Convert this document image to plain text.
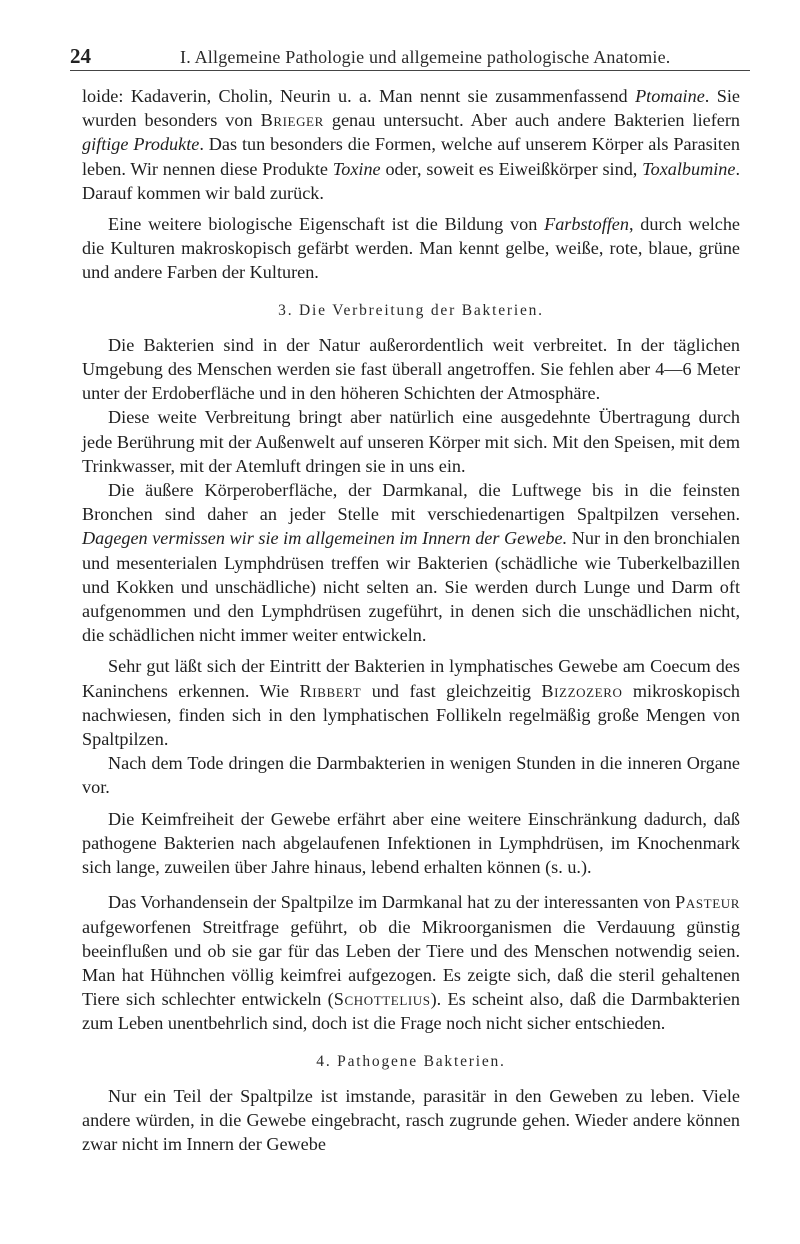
24	I. Allgemeine Pathologie und allgemeine pathologische Anatomie.

loide: Kadaverin, Cholin, Neurin u. a. Man nennt sie zusammenfassend Ptomaine. Sie wurden besonders von Brieger genau untersucht. Aber auch andere Bakterien liefern giftige Produkte. Das tun besonders die Formen, welche auf unserem Körper als Parasiten leben. Wir nennen diese Produkte Toxine oder, soweit es Eiweißkörper sind, Toxalbumine. Darauf kommen wir bald zurück.

Eine weitere biologische Eigenschaft ist die Bildung von Farbstoffen, durch welche die Kulturen makroskopisch gefärbt werden. Man kennt gelbe, weiße, rote, blaue, grüne und andere Farben der Kulturen.

3. Die Verbreitung der Bakterien.

Die Bakterien sind in der Natur außerordentlich weit verbreitet. In der täglichen Umgebung des Menschen werden sie fast überall angetroffen. Sie fehlen aber 4—6 Meter unter der Erdoberfläche und in den höheren Schichten der Atmosphäre.

Diese weite Verbreitung bringt aber natürlich eine ausgedehnte Übertragung durch jede Berührung mit der Außenwelt auf unseren Körper mit sich. Mit den Speisen, mit dem Trinkwasser, mit der Atemluft dringen sie in uns ein.

Die äußere Körperoberfläche, der Darmkanal, die Luftwege bis in die feinsten Bronchen sind daher an jeder Stelle mit verschiedenartigen Spaltpilzen versehen. Dagegen vermissen wir sie im allgemeinen im Innern der Gewebe. Nur in den bronchialen und mesenterialen Lymphdrüsen treffen wir Bakterien (schädliche wie Tuberkelbazillen und Kokken und unschädliche) nicht selten an. Sie werden durch Lunge und Darm oft aufgenommen und den Lymphdrüsen zugeführt, in denen sich die unschädlichen nicht, die schädlichen nicht immer weiter entwickeln.

Sehr gut läßt sich der Eintritt der Bakterien in lymphatisches Gewebe am Coecum des Kaninchens erkennen. Wie Ribbert und fast gleichzeitig Bizzozero mikroskopisch nachwiesen, finden sich in den lymphatischen Follikeln regelmäßig große Mengen von Spaltpilzen.

Nach dem Tode dringen die Darmbakterien in wenigen Stunden in die inneren Organe vor.

Die Keimfreiheit der Gewebe erfährt aber eine weitere Einschränkung dadurch, daß pathogene Bakterien nach abgelaufenen Infektionen in Lymphdrüsen, im Knochenmark sich lange, zuweilen über Jahre hinaus, lebend erhalten können (s. u.).

Das Vorhandensein der Spaltpilze im Darmkanal hat zu der interessanten von Pasteur aufgeworfenen Streitfrage geführt, ob die Mikroorganismen die Verdauung günstig beeinflußen und ob sie gar für das Leben der Tiere und des Menschen notwendig seien. Man hat Hühnchen völlig keimfrei aufgezogen. Es zeigte sich, daß die steril gehaltenen Tiere sich schlechter entwickeln (Schottelius). Es scheint also, daß die Darmbakterien zum Leben unentbehrlich sind, doch ist die Frage noch nicht sicher entschieden.

4. Pathogene Bakterien.

Nur ein Teil der Spaltpilze ist imstande, parasitär in den Geweben zu leben. Viele andere würden, in die Gewebe eingebracht, rasch zugrunde gehen. Wieder andere können zwar nicht im Innern der Gewebe
